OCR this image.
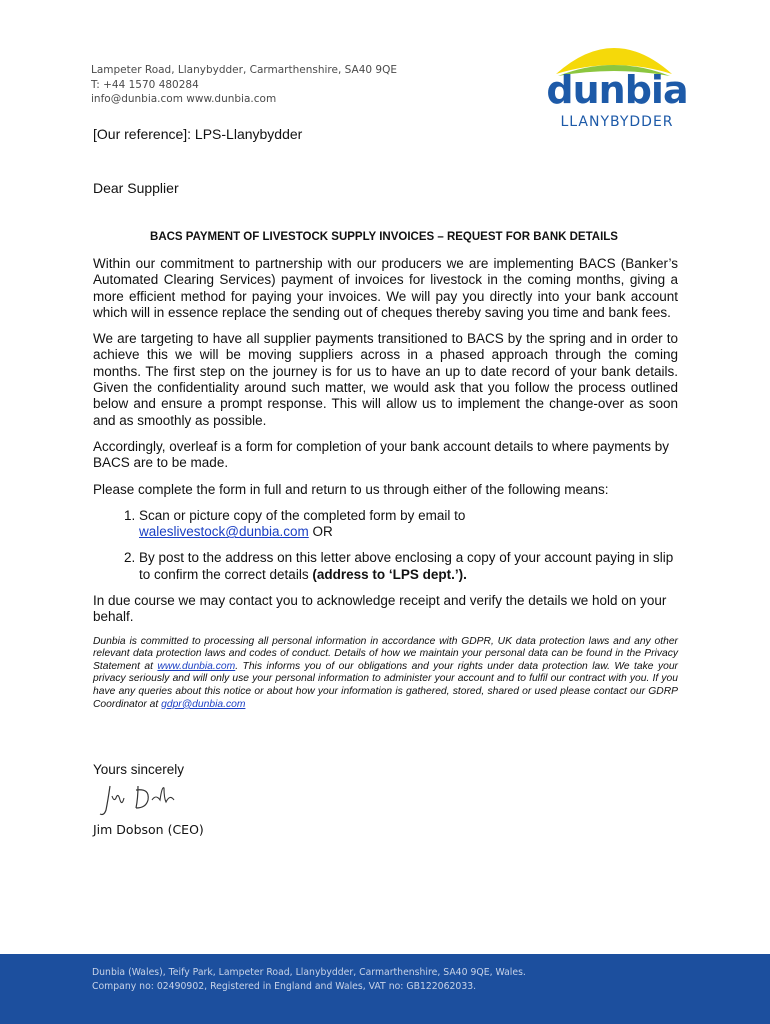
Lampeter Road, Llanybydder, Carmarthenshire, SA40 9QE
T: +44 1570 480284
info@dunbia.com www.dunbia.com	dunbia
LLANYBYDDER
[Our reference]: LPS-Llanybydder
Dear Supplier
BACS PAYMENT OF LIVESTOCK SUPPLY INVOICES – REQUEST FOR BANK DETAILS

Within our commitment to partnership with our producers we are implementing BACS (Banker’s Automated Clearing Services) payment of invoices for livestock in the coming months, giving a more efficient method for paying your invoices. We will pay you directly into your bank account which will in essence replace the sending out of cheques thereby saving you time and bank fees.

We are targeting to have all supplier payments transitioned to BACS by the spring and in order to achieve this we will be moving suppliers across in a phased approach through the coming months. The first step on the journey is for us to have an up to date record of your bank details. Given the confidentiality around such matter, we would ask that you follow the process outlined below and ensure a prompt response. This will allow us to implement the change-over as soon and as smoothly as possible.

Accordingly, overleaf is a form for completion of your bank account details to where payments by BACS are to be made.

Please complete the form in full and return to us through either of the following means:

1. Scan or picture copy of the completed form by email to
waleslivestock@dunbia.com OR
2. By post to the address on this letter above enclosing a copy of your account paying in slip to confirm the correct details (address to ‘LPS dept.’).

In due course we may contact you to acknowledge receipt and verify the details we hold on your behalf.

Dunbia is committed to processing all personal information in accordance with GDPR, UK data protection laws and any other relevant data protection laws and codes of conduct. Details of how we maintain your personal data can be found in the Privacy Statement at www.dunbia.com. This informs you of our obligations and your rights under data protection law. We take your privacy seriously and will only use your personal information to administer your account and to fulfil our contract with you. If you have any queries about this notice or about how your information is gathered, stored, shared or used please contact our GDRP Coordinator at gdpr@dunbia.com

Yours sincerely
Jim Dobson (CEO)
Dunbia (Wales), Teify Park, Lampeter Road, Llanybydder, Carmarthenshire, SA40 9QE, Wales.
Company no: 02490902, Registered in England and Wales, VAT no: GB122062033.
